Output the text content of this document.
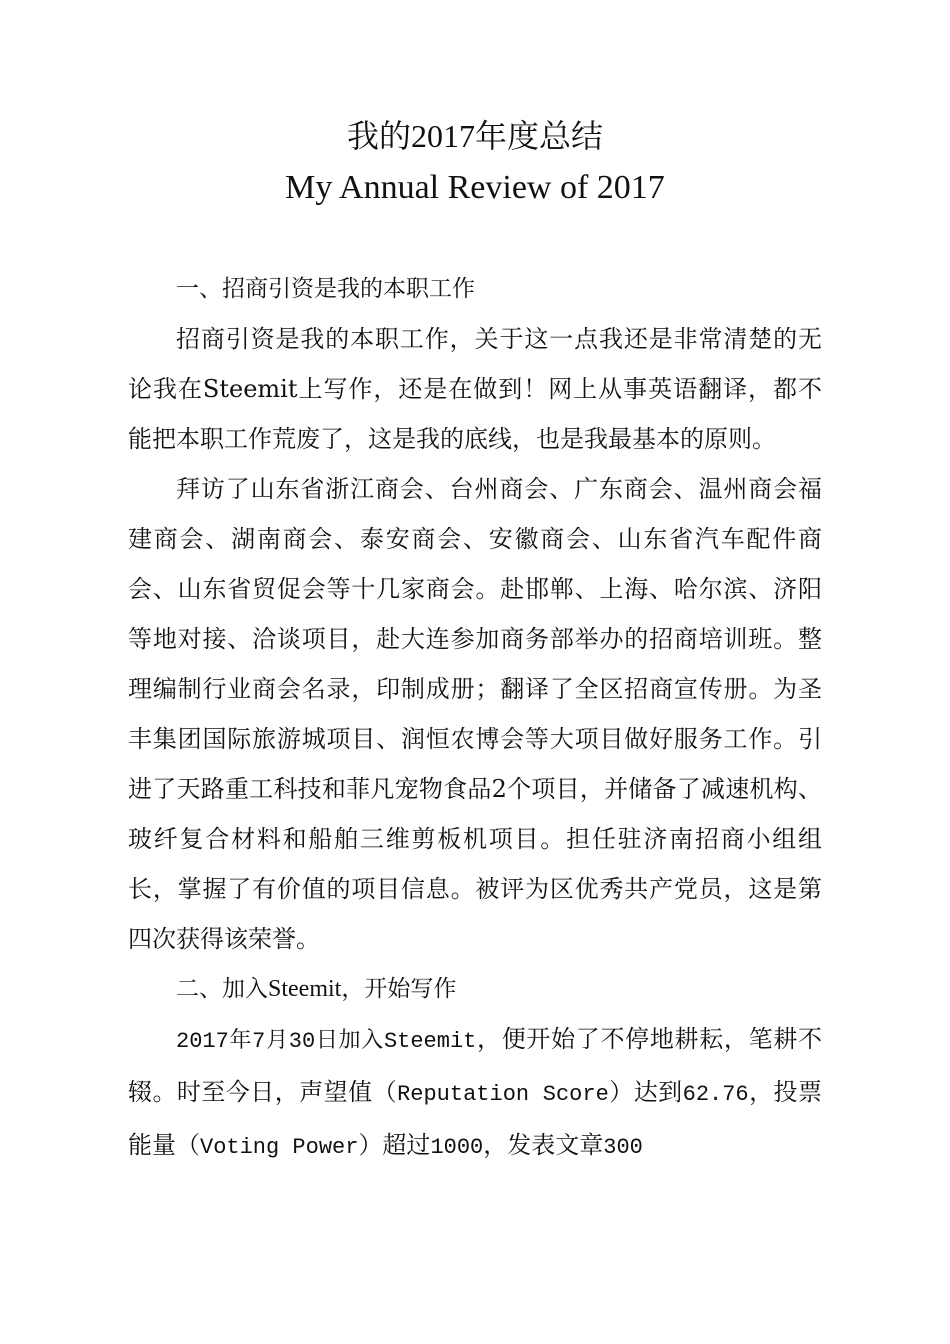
我的2017年度总结
My Annual Review of 2017
一、招商引资是我的本职工作

招商引资是我的本职工作，关于这一点我还是非常清楚的无论我在Steemit上写作，还是在做到！网上从事英语翻译，都不能把本职工作荒废了，这是我的底线，也是我最基本的原则。

拜访了山东省浙江商会、台州商会、广东商会、温州商会福建商会、湖南商会、泰安商会、安徽商会、山东省汽车配件商会、山东省贸促会等十几家商会。赴邯郸、上海、哈尔滨、济阳等地对接、洽谈项目，赴大连参加商务部举办的招商培训班。整理编制行业商会名录，印制成册；翻译了全区招商宣传册。为圣丰集团国际旅游城项目、润恒农博会等大项目做好服务工作。引进了天路重工科技和菲凡宠物食品2个项目，并储备了减速机构、玻纤复合材料和船舶三维剪板机项目。担任驻济南招商小组组长，掌握了有价值的项目信息。被评为区优秀共产党员，这是第四次获得该荣誉。

二、加入Steemit，开始写作

2017年7月30日加入Steemit，便开始了不停地耕耘，笔耕不辍。时至今日，声望值（Reputation Score）达到62.76，投票能量（Voting Power）超过1000，发表文章300
